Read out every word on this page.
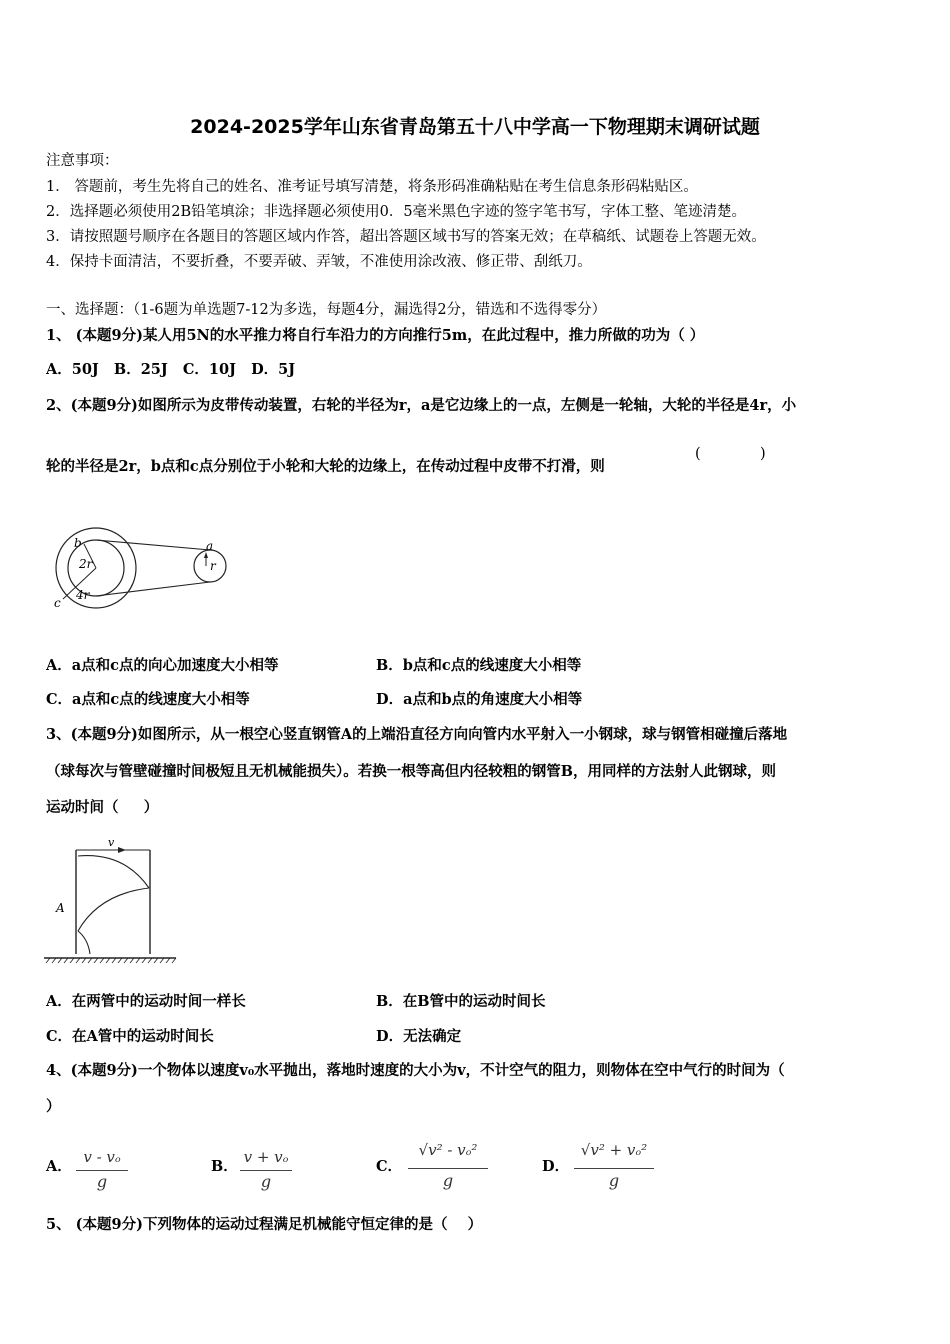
2024-2025学年山东省青岛第五十八中学高一下物理期末调研试题
注意事项：
1． 答题前，考生先将自己的姓名、准考证号填写清楚，将条形码准确粘贴在考生信息条形码粘贴区。
2．选择题必须使用2B铅笔填涂；非选择题必须使用0．5毫米黑色字迹的签字笔书写，字体工整、笔迹清楚。
3．请按照题号顺序在各题目的答题区域内作答，超出答题区域书写的答案无效；在草稿纸、试题卷上答题无效。
4．保持卡面清洁，不要折叠，不要弄破、弄皱，不准使用涂改液、修正带、刮纸刀。
一、选择题：（1-6题为单选题7-12为多选，每题4分，漏选得2分，错选和不选得零分）
1、 (本题9分)某人用5N的水平推力将自行车沿力的方向推行5m，在此过程中，推力所做的功为（ ）
A．50J   B．25J   C．10J   D．5J
2、(本题9分)如图所示为皮带传动装置，右轮的半径为r，a是它边缘上的一点，左侧是一轮轴，大轮的半径是4r，小
轮的半径是2r，b点和c点分别位于小轮和大轮的边缘上，在传动过程中皮带不打滑，则
(	)
b
2r
4r
c
a
r
A．a点和c点的向心加速度大小相等	B．b点和c点的线速度大小相等
C．a点和c点的线速度大小相等	D．a点和b点的角速度大小相等
3、(本题9分)如图所示，从一根空心竖直钢管A的上端沿直径方向向管内水平射入一小钢球，球与钢管相碰撞后落地
（球每次与管壁碰撞时间极短且无机械能损失）。若换一根等高但内径较粗的钢管B，用同样的方法射人此钢球，则
运动时间（     ）
v
A
A．在两管中的运动时间一样长	B．在B管中的运动时间长
C．在A管中的运动时间长	D．无法确定
4、(本题9分)一个物体以速度v₀水平抛出，落地时速度的大小为v，不计空气的阻力，则物体在空中气行的时间为（
）
A．
v - vₒ
g
B．
v + vₒ
g
C．
√v² - vₒ²
g
D．
√v² + vₒ²
g
5、 (本题9分)下列物体的运动过程满足机械能守恒定律的是（    ）
